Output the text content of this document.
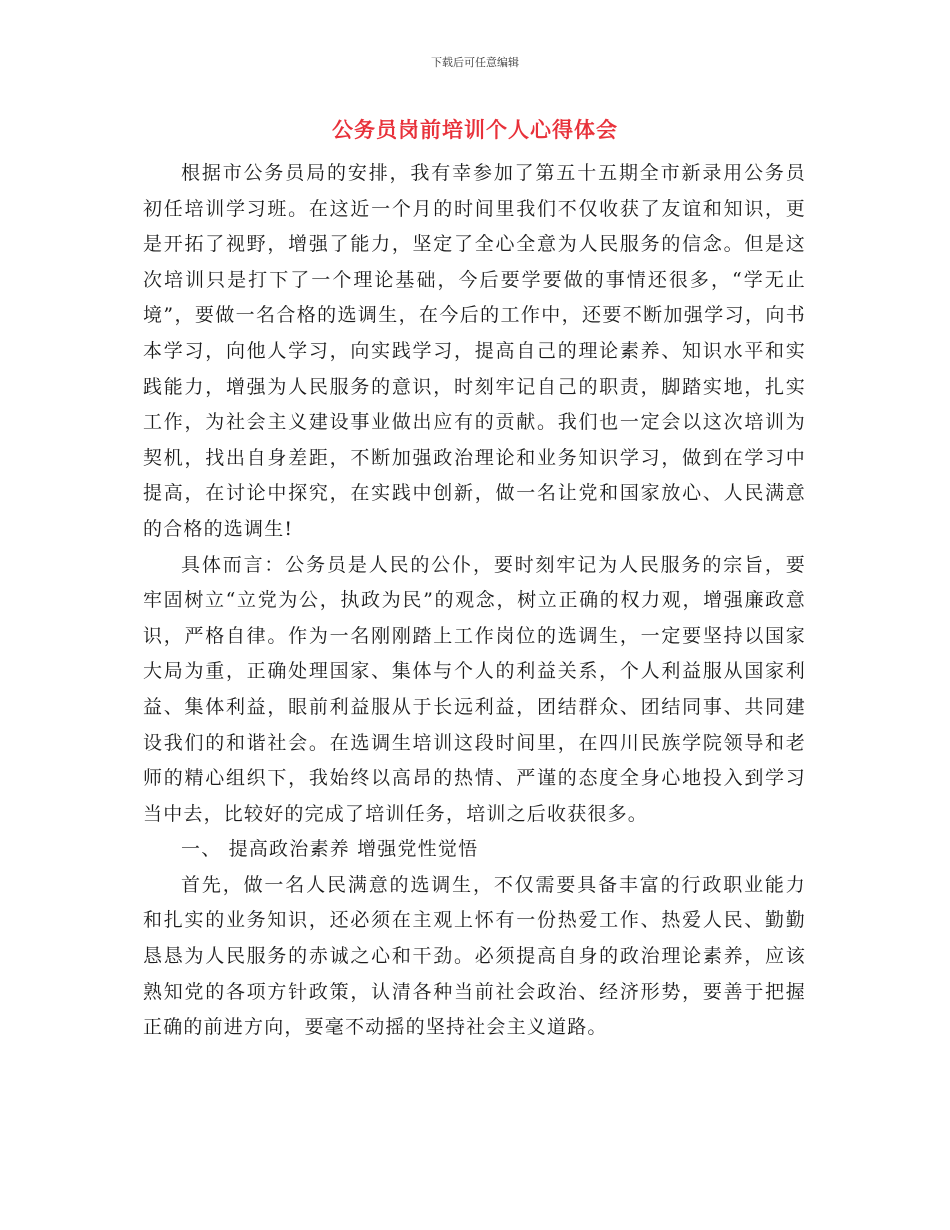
下载后可任意编辑
公务员岗前培训个人心得体会

根据市公务员局的安排，我有幸参加了第五十五期全市新录用公务员初任培训学习班。在这近一个月的时间里我们不仅收获了友谊和知识，更是开拓了视野，增强了能力，坚定了全心全意为人民服务的信念。但是这次培训只是打下了一个理论基础，今后要学要做的事情还很多，“学无止境”，要做一名合格的选调生，在今后的工作中，还要不断加强学习，向书本学习，向他人学习，向实践学习，提高自己的理论素养、知识水平和实践能力，增强为人民服务的意识，时刻牢记自己的职责，脚踏实地，扎实工作，为社会主义建设事业做出应有的贡献。我们也一定会以这次培训为契机，找出自身差距，不断加强政治理论和业务知识学习，做到在学习中提高，在讨论中探究，在实践中创新，做一名让党和国家放心、人民满意的合格的选调生!

具体而言：公务员是人民的公仆，要时刻牢记为人民服务的宗旨，要牢固树立“立党为公，执政为民”的观念，树立正确的权力观，增强廉政意识，严格自律。作为一名刚刚踏上工作岗位的选调生，一定要坚持以国家大局为重，正确处理国家、集体与个人的利益关系，个人利益服从国家利益、集体利益，眼前利益服从于长远利益，团结群众、团结同事、共同建设我们的和谐社会。在选调生培训这段时间里，在四川民族学院领导和老师的精心组织下，我始终以高昂的热情、严谨的态度全身心地投入到学习当中去，比较好的完成了培训任务，培训之后收获很多。

一、 提高政治素养 增强党性觉悟

首先，做一名人民满意的选调生，不仅需要具备丰富的行政职业能力和扎实的业务知识，还必须在主观上怀有一份热爱工作、热爱人民、勤勤恳恳为人民服务的赤诚之心和干劲。必须提高自身的政治理论素养，应该熟知党的各项方针政策，认清各种当前社会政治、经济形势，要善于把握正确的前进方向，要毫不动摇的坚持社会主义道路。
